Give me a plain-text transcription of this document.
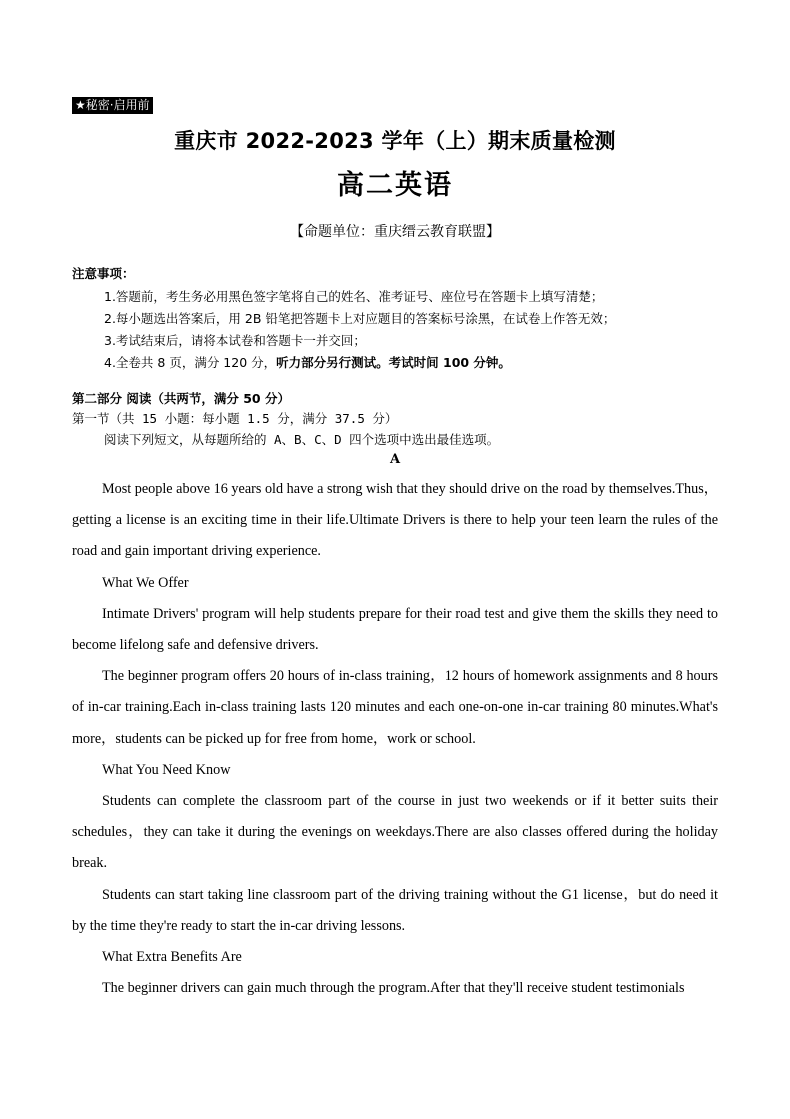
★秘密·启用前
重庆市 2022-2023 学年（上）期末质量检测
高二英语
【命题单位：重庆缙云教育联盟】
注意事项：
1.答题前，考生务必用黑色签字笔将自己的姓名、准考证号、座位号在答题卡上填写清楚；
2.每小题选出答案后，用 2B 铅笔把答题卡上对应题目的答案标号涂黑，在试卷上作答无效；
3.考试结束后，请将本试卷和答题卡一并交回；
4.全卷共 8 页，满分 120 分，听力部分另行测试。考试时间 100 分钟。
第二部分 阅读（共两节，满分 50 分）
第一节（共 15 小题：每小题 1.5 分，满分 37.5 分）
阅读下列短文，从每题所给的 A、B、C、D 四个选项中选出最佳选项。
A

Most people above 16 years old have a strong wish that they should drive on the road by themselves.Thus，getting a license is an exciting time in their life.Ultimate Drivers is there to help your teen learn the rules of the road and gain important driving experience.

What We Offer

Intimate Drivers' program will help students prepare for their road test and give them the skills they need to become lifelong safe and defensive drivers.

The beginner program offers 20 hours of in-class training，12 hours of homework assignments and 8 hours of in-car training.Each in-class training lasts 120 minutes and each one-on-one in-car training 80 minutes.What's more，students can be picked up for free from home，work or school.

What You Need Know

Students can complete the classroom part of the course in just two weekends or if it better suits their schedules，they can take it during the evenings on weekdays.There are also classes offered during the holiday break.

Students can start taking line classroom part of the driving training without the G1 license，but do need it by the time they're ready to start the in-car driving lessons.

What Extra Benefits Are

The beginner drivers can gain much through the program.After that they'll receive student testimonials
